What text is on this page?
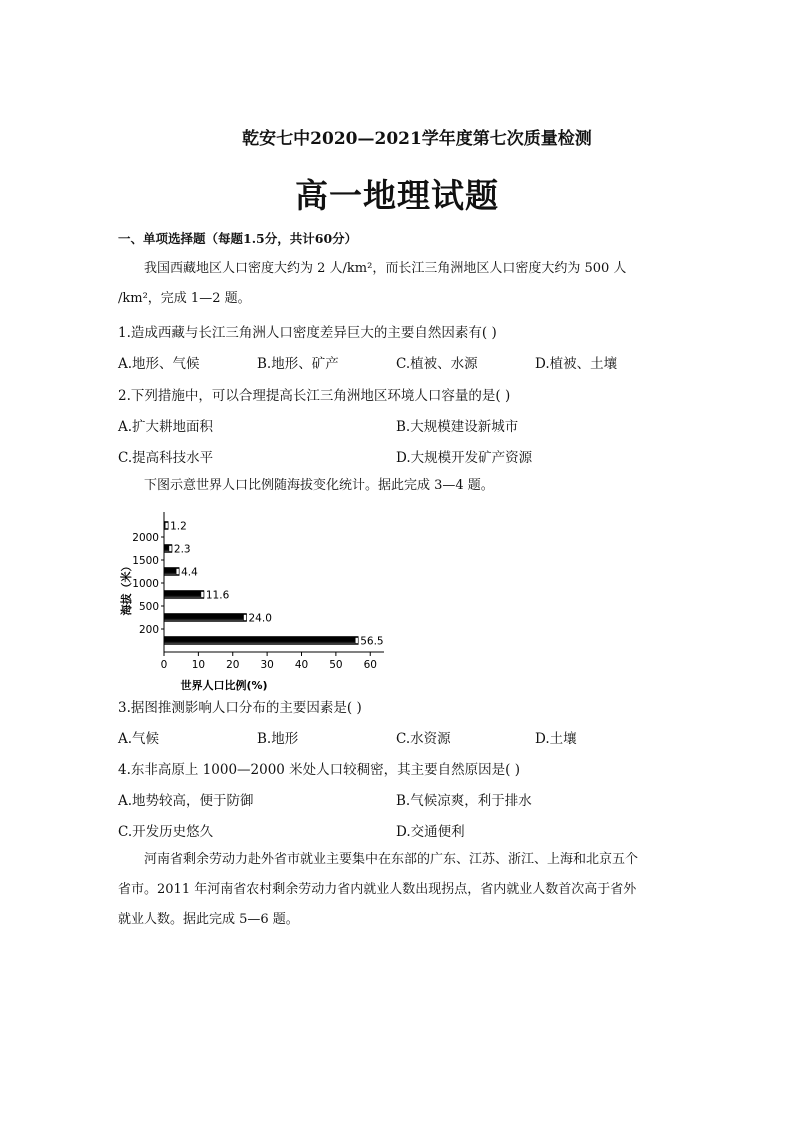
乾安七中2020—2021学年度第七次质量检测
高一地理试题
一、单项选择题（每题1.5分，共计60分）
我国西藏地区人口密度大约为 2 人/km²，而长江三角洲地区人口密度大约为 500 人
/km²，完成 1—2 题。
1.造成西藏与长江三角洲人口密度差异巨大的主要自然因素有( )
A.地形、气候	B.地形、矿产	C.植被、水源	D.植被、土壤
2.下列措施中，可以合理提高长江三角洲地区环境人口容量的是( )
A.扩大耕地面积	B.大规模建设新城市
C.提高科技水平	D.大规模开发矿产资源
下图示意世界人口比例随海拔变化统计。据此完成 3—4 题。
56.5
24.0
11.6
4.4
2.3
1.2
0 10 20 30 40 50 60
200
500
1000
1500
2000
世界人口比例(%)
海拔（米）
3.据图推测影响人口分布的主要因素是( )
A.气候	B.地形	C.水资源	D.土壤
4.东非高原上 1000—2000 米处人口较稠密，其主要自然原因是( )
A.地势较高，便于防御	B.气候凉爽，利于排水
C.开发历史悠久	D.交通便利
河南省剩余劳动力赴外省市就业主要集中在东部的广东、江苏、浙江、上海和北京五个
省市。2011 年河南省农村剩余劳动力省内就业人数出现拐点，省内就业人数首次高于省外
就业人数。据此完成 5—6 题。
